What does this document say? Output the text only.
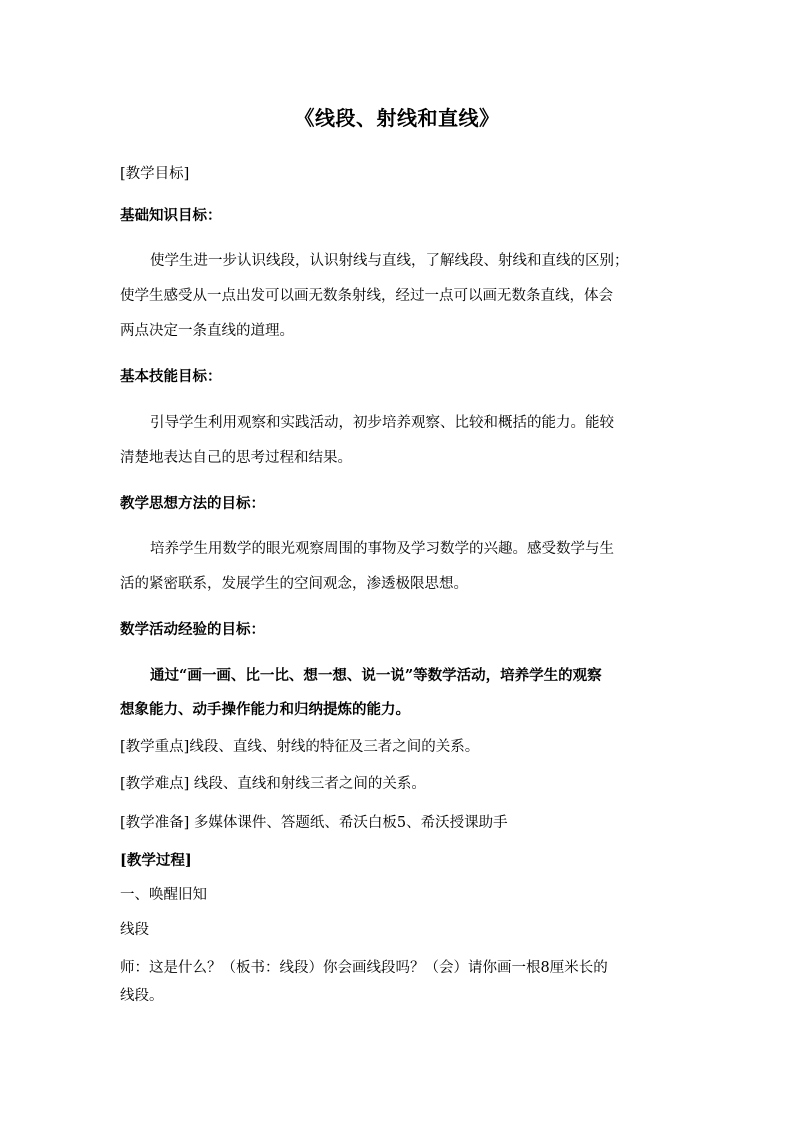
《线段、射线和直线》
[教学目标]
基础知识目标：
使学生进一步认识线段，认识射线与直线，了解线段、射线和直线的区别；
使学生感受从一点出发可以画无数条射线，经过一点可以画无数条直线，体会
两点决定一条直线的道理。
基本技能目标：
引导学生利用观察和实践活动，初步培养观察、比较和概括的能力。能较
清楚地表达自己的思考过程和结果。
教学思想方法的目标：
培养学生用数学的眼光观察周围的事物及学习数学的兴趣。感受数学与生
活的紧密联系，发展学生的空间观念，渗透极限思想。
数学活动经验的目标：
通过“画一画、比一比、想一想、说一说”等数学活动，培养学生的观察
想象能力、动手操作能力和归纳提炼的能力。
[教学重点]线段、直线、射线的特征及三者之间的关系。
[教学难点] 线段、直线和射线三者之间的关系。
[教学准备] 多媒体课件、答题纸、希沃白板5、希沃授课助手
[教学过程]
一、唤醒旧知
线段
师：这是什么？（板书：线段）你会画线段吗？（会）请你画一根8厘米长的
线段。
